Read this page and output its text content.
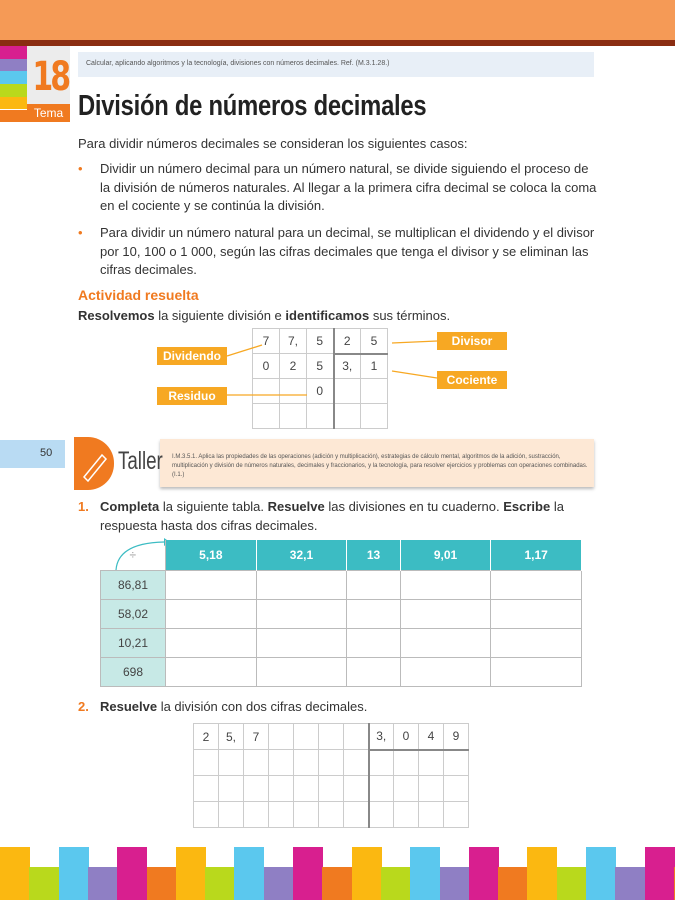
18
Tema
Calcular, aplicando algoritmos y la tecnología, divisiones con números decimales. Ref. (M.3.1.28.)
División de números decimales
Para dividir números decimales se consideran los siguientes casos:
• Dividir un número decimal para un número natural, se divide siguiendo el proceso de la división de números naturales. Al llegar a la primera cifra decimal se coloca la coma en el cociente y se continúa la división.
• Para dividir un número natural para un decimal, se multiplican el dividendo y el divisor por 10, 100 o 1 000, según las cifras decimales que tenga el divisor y se eliminan las cifras decimales.
Actividad resuelta
Resolvemos la siguiente división e identificamos sus términos.
7	7,	5	2	5
0	2	5	3,	1
		0		

Dividendo
Divisor
Cociente
Residuo
50	Taller I.M.3.5.1. Aplica las propiedades de las operaciones (adición y multiplicación), estrategias de cálculo mental, algoritmos de la adición, sustracción, multiplicación y división de números naturales, decimales y fraccionarios, y la tecnología, para resolver ejercicios y problemas con operaciones combinadas. (I.1.)
1. Completa la siguiente tabla. Resuelve las divisiones en tu cuaderno. Escribe la respuesta hasta dos cifras decimales.
÷	5,18	32,1	13	9,01	1,17
86,81					
58,02					
10,21					
698					
2. Resuelve la división con dos cifras decimales.
2	5,	7					3,	0	4	9
